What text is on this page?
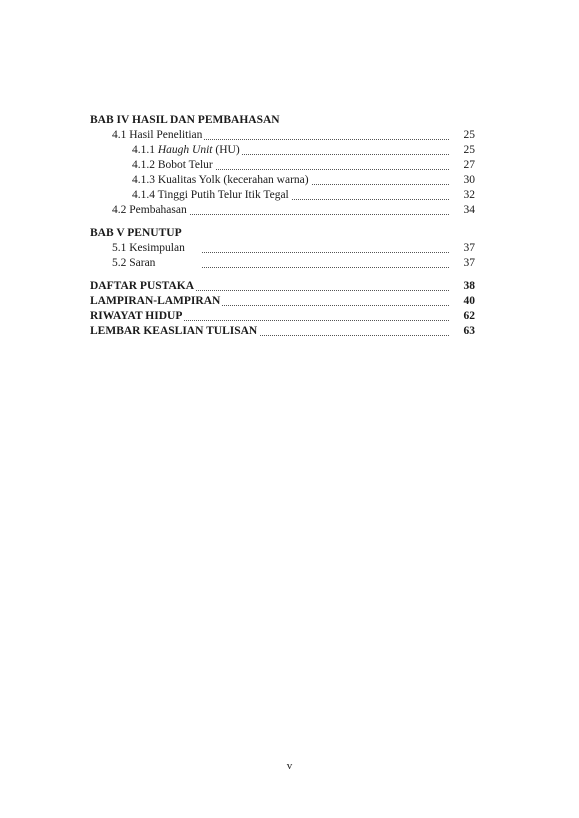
BAB IV HASIL DAN PEMBAHASAN
4.1 Hasil Penelitian	25
4.1.1 Haugh Unit (HU)	25
4.1.2 Bobot Telur	27
4.1.3 Kualitas Yolk (kecerahan warna)	30
4.1.4 Tinggi Putih Telur Itik Tegal	32
4.2 Pembahasan	34
BAB V PENUTUP
5.1 Kesimpulan	37
5.2 Saran	37
DAFTAR PUSTAKA	38
LAMPIRAN-LAMPIRAN	40
RIWAYAT HIDUP	62
LEMBAR KEASLIAN TULISAN	63
v
